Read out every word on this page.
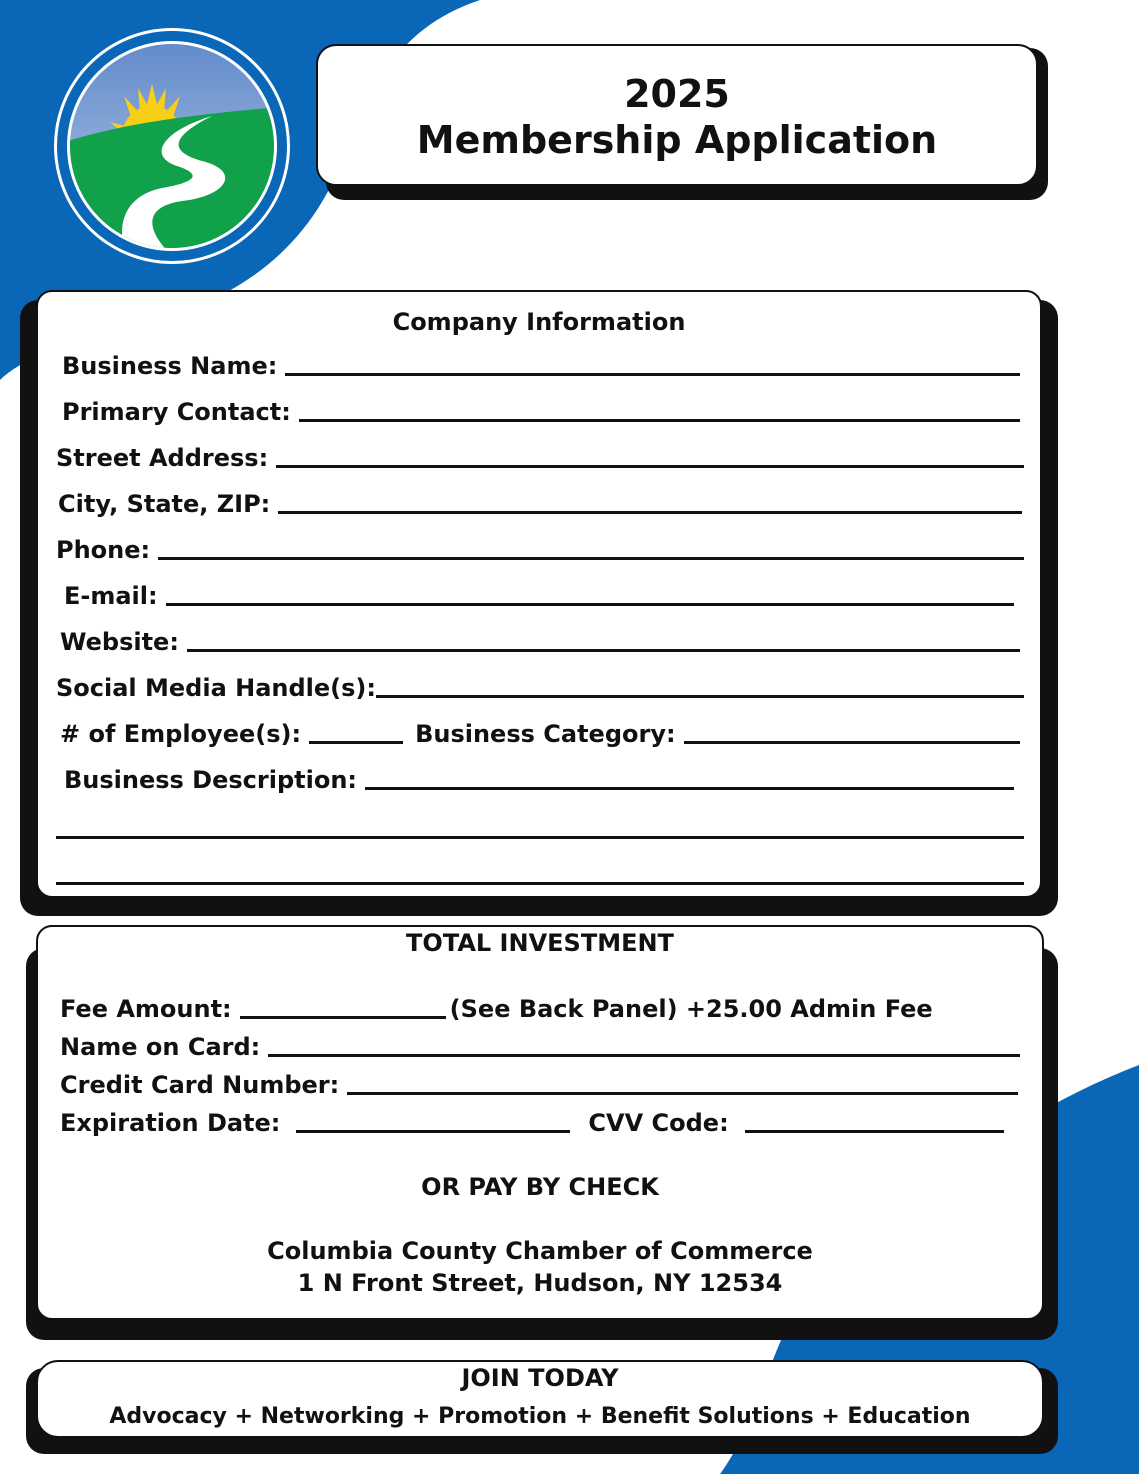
2025
Membership Application
Company Information
Business Name:
Primary Contact:
Street Address:
City, State, ZIP:
Phone:
E-mail:
Website:
Social Media Handle(s):
# of Employee(s):	Business Category:
Business Description:
TOTAL INVESTMENT
Fee Amount:	(See Back Panel) +25.00 Admin Fee
Name on Card:
Credit Card Number:
Expiration Date:	CVV Code:
OR PAY BY CHECK
Columbia County Chamber of Commerce
1 N Front Street, Hudson, NY 12534
JOIN TODAY
Advocacy + Networking + Promotion + Benefit Solutions + Education
